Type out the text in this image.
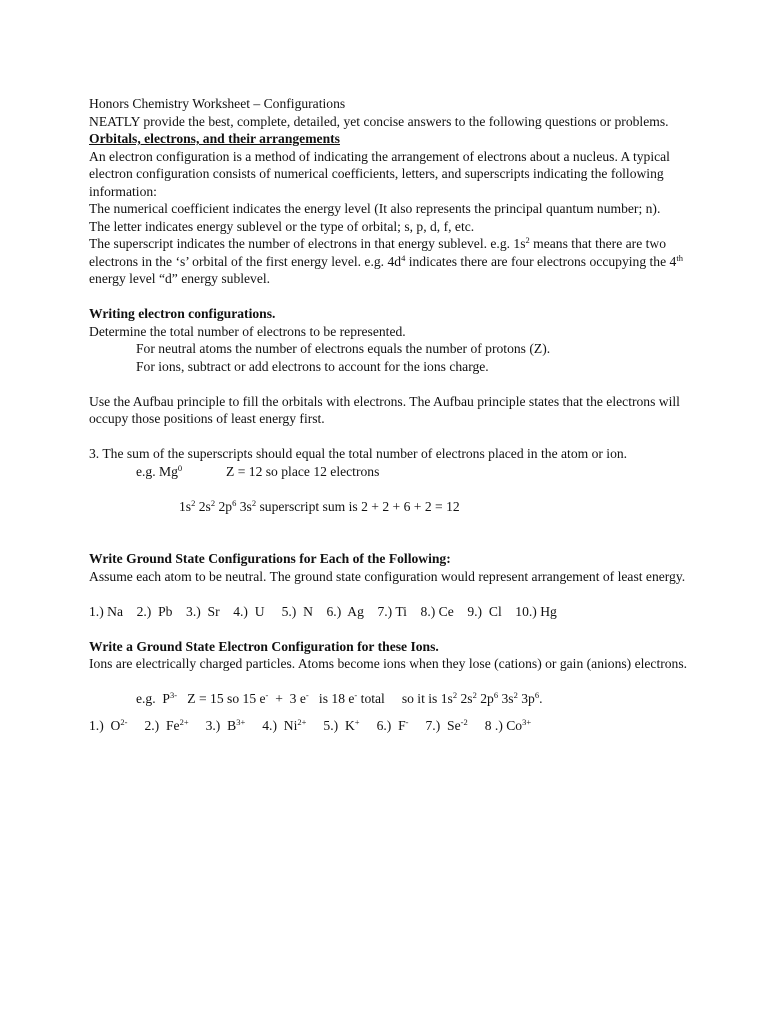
Honors Chemistry Worksheet – Configurations

NEATLY provide the best, complete, detailed, yet concise answers to the following questions or problems.

Orbitals, electrons, and their arrangements

An electron configuration is a method of indicating the arrangement of electrons about a nucleus. A typical electron configuration consists of numerical coefficients, letters, and superscripts indicating the following information:

The numerical coefficient indicates the energy level (It also represents the principal quantum number; n).

The letter indicates energy sublevel or the type of orbital; s, p, d, f, etc.

The superscript indicates the number of electrons in that energy sublevel. e.g. $1s^2$ means that there are two electrons in the ‘s’ orbital of the first energy level. e.g. $4d^4$ indicates there are four electrons occupying the 4th energy level “d” energy sublevel.

Writing electron configurations.

Determine the total number of electrons to be represented.

For neutral atoms the number of electrons equals the number of protons (Z).

For ions, subtract or add electrons to account for the ions charge.

Use the Aufbau principle to fill the orbitals with electrons. The Aufbau principle states that the electrons will occupy those positions of least energy first.

3. The sum of the superscripts should equal the total number of electrons placed in the atom or ion.

e.g. Mg$^0$	Z = 12 so place 12 electrons

$1s^2$ $2s^2$ $2p^6$ $3s^2$ superscript sum is 2 + 2 + 6 + 2 = 12

Write Ground State Configurations for Each of the Following:

Assume each atom to be neutral. The ground state configuration would represent arrangement of least energy.

1.) Na    2.)  Pb    3.)  Sr    4.)  U     5.)  N    6.)  Ag    7.) Ti    8.) Ce    9.)  Cl    10.) Hg

Write a Ground State Electron Configuration for these Ions.

Ions are electrically charged particles. Atoms become ions when they lose (cations) or gain (anions) electrons.

e.g.  $P^{3-}$   Z = 15 so 15 e-  +  3 e-   is 18 e- total     so it is $1s^2$ $2s^2$ $2p^6$ $3s^2$ $3p^6$.

1.)  $O^{2-}$ 2.)  $Fe^{2+}$ 3.)  $B^{3+}$ 4.)  $Ni^{2+}$ 5.)  K+ 6.)  F- 7.)  $Se^{-2}$ 8 .) $Co^{3+}$
